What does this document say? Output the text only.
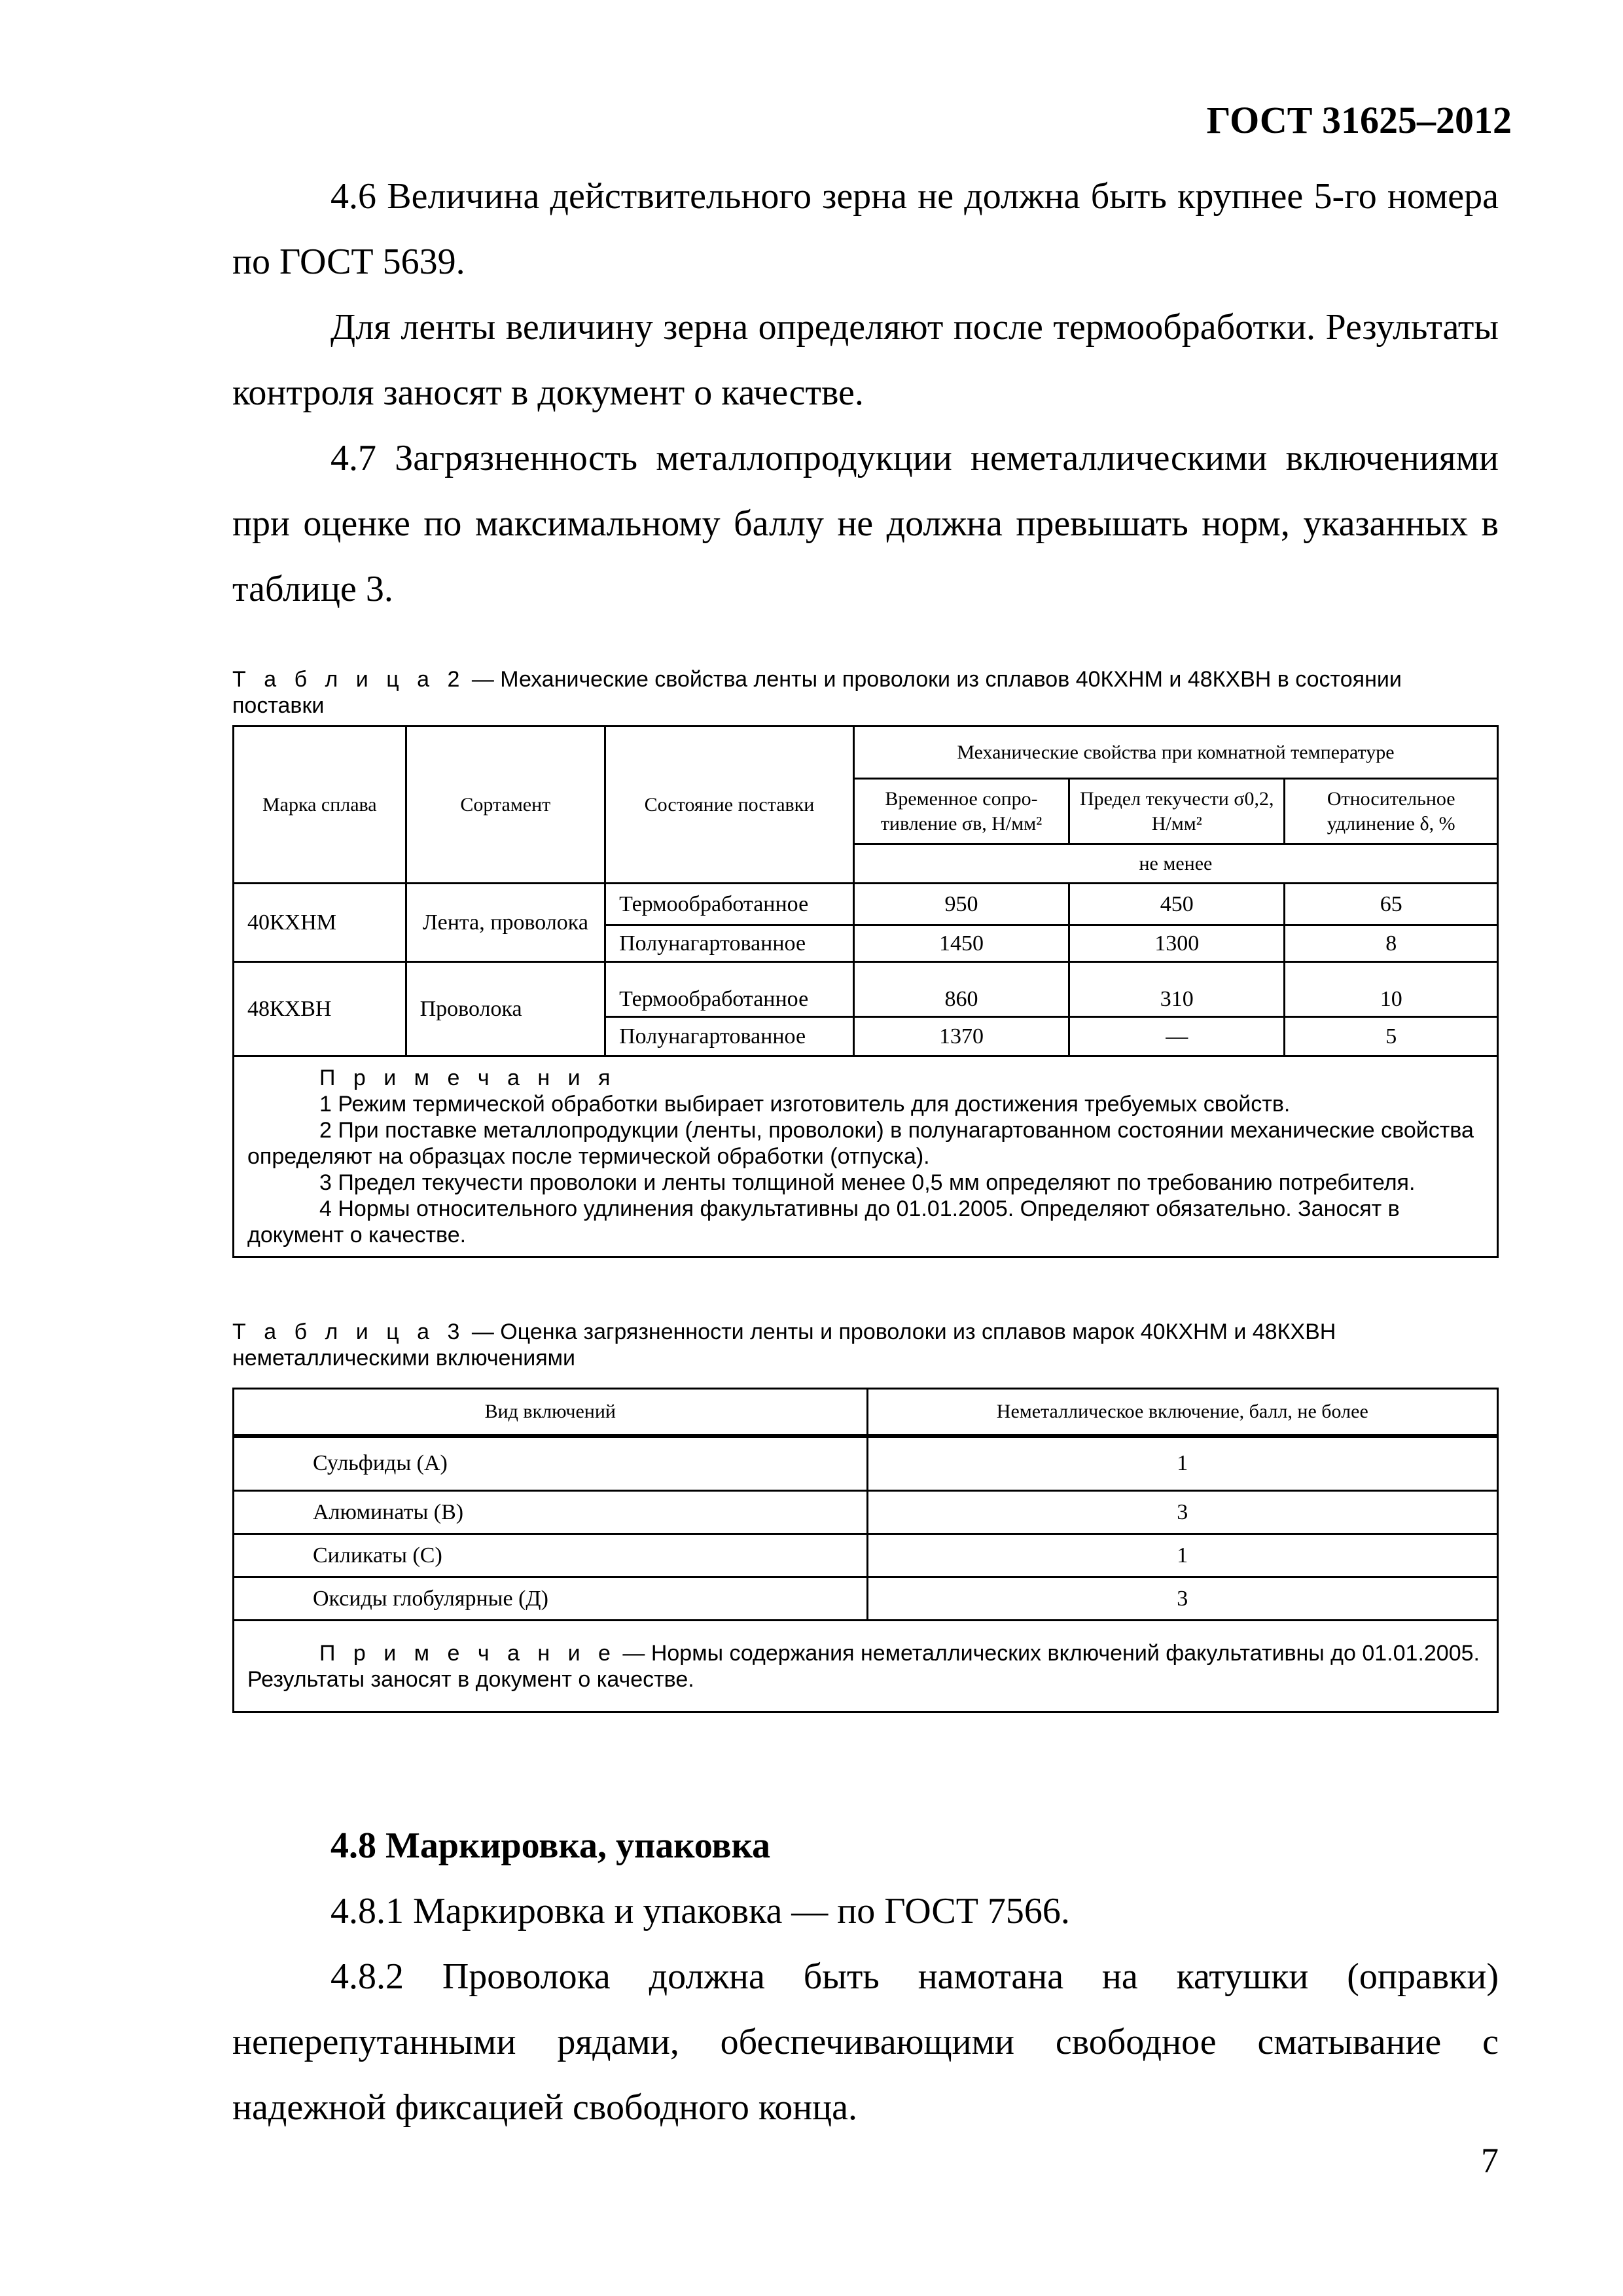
ГОСТ 31625–2012

4.6 Величина действительного зерна не должна быть крупнее 5-го номера по ГОСТ 5639.

Для ленты величину зерна определяют после термообработки. Результаты контроля заносят в документ о качестве.

4.7 Загрязненность металлопродукции неметаллическими включениями при оценке по максимальному баллу не должна превышать норм, указанных в таблице 3.

Т а б л и ц а 2 — Механические свойства ленты и проволоки из сплавов 40КХНМ и 48КХВН в состоянии поставки
Марка сплава	Сортамент	Состояние поставки	Механические свойства при комнатной температуре		
			Временное сопро-тивление σв, Н/мм²	Предел текучести σ0,2, Н/мм²	Относительное удлинение δ, %
			не менее		
40КХНМ	Лента, проволока	Термообработанное	950	450	65
		Полунагартованное	1450	1300	8
48КХВН	Проволока	Термообработанное	860	310	10
		Полунагартованное	1370	—	5

П р и м е ч а н и я
1 Режим термической обработки выбирает изготовитель для достижения требуемых свойств.
2 При поставке металлопродукции (ленты, проволоки) в полунагартованном состоянии механические свойства определяют на образцах после термической обработки (отпуска).
3 Предел текучести проволоки и ленты толщиной менее 0,5 мм определяют по требованию потребителя.
4 Нормы относительного удлинения факультативны до 01.01.2005. Определяют обязательно. Заносят в документ о качестве.					
Т а б л и ц а 3 — Оценка загрязненности ленты и проволоки из сплавов марок 40КХНМ и 48КХВН неметаллическими включениями
Вид включений	Неметаллическое включение, балл, не более
Сульфиды (А)	1
Алюминаты (В)	3
Силикаты (С)	1
Оксиды глобулярные (Д)	3

П р и м е ч а н и е — Нормы содержания неметаллических включений факультативны до 01.01.2005. Результаты заносят в документ о качестве.	

4.8 Маркировка, упаковка

4.8.1 Маркировка и упаковка — по ГОСТ 7566.

4.8.2 Проволока должна быть намотана на катушки (оправки) неперепутанными рядами, обеспечивающими свободное сматывание с надежной фиксацией свободного конца.

7
